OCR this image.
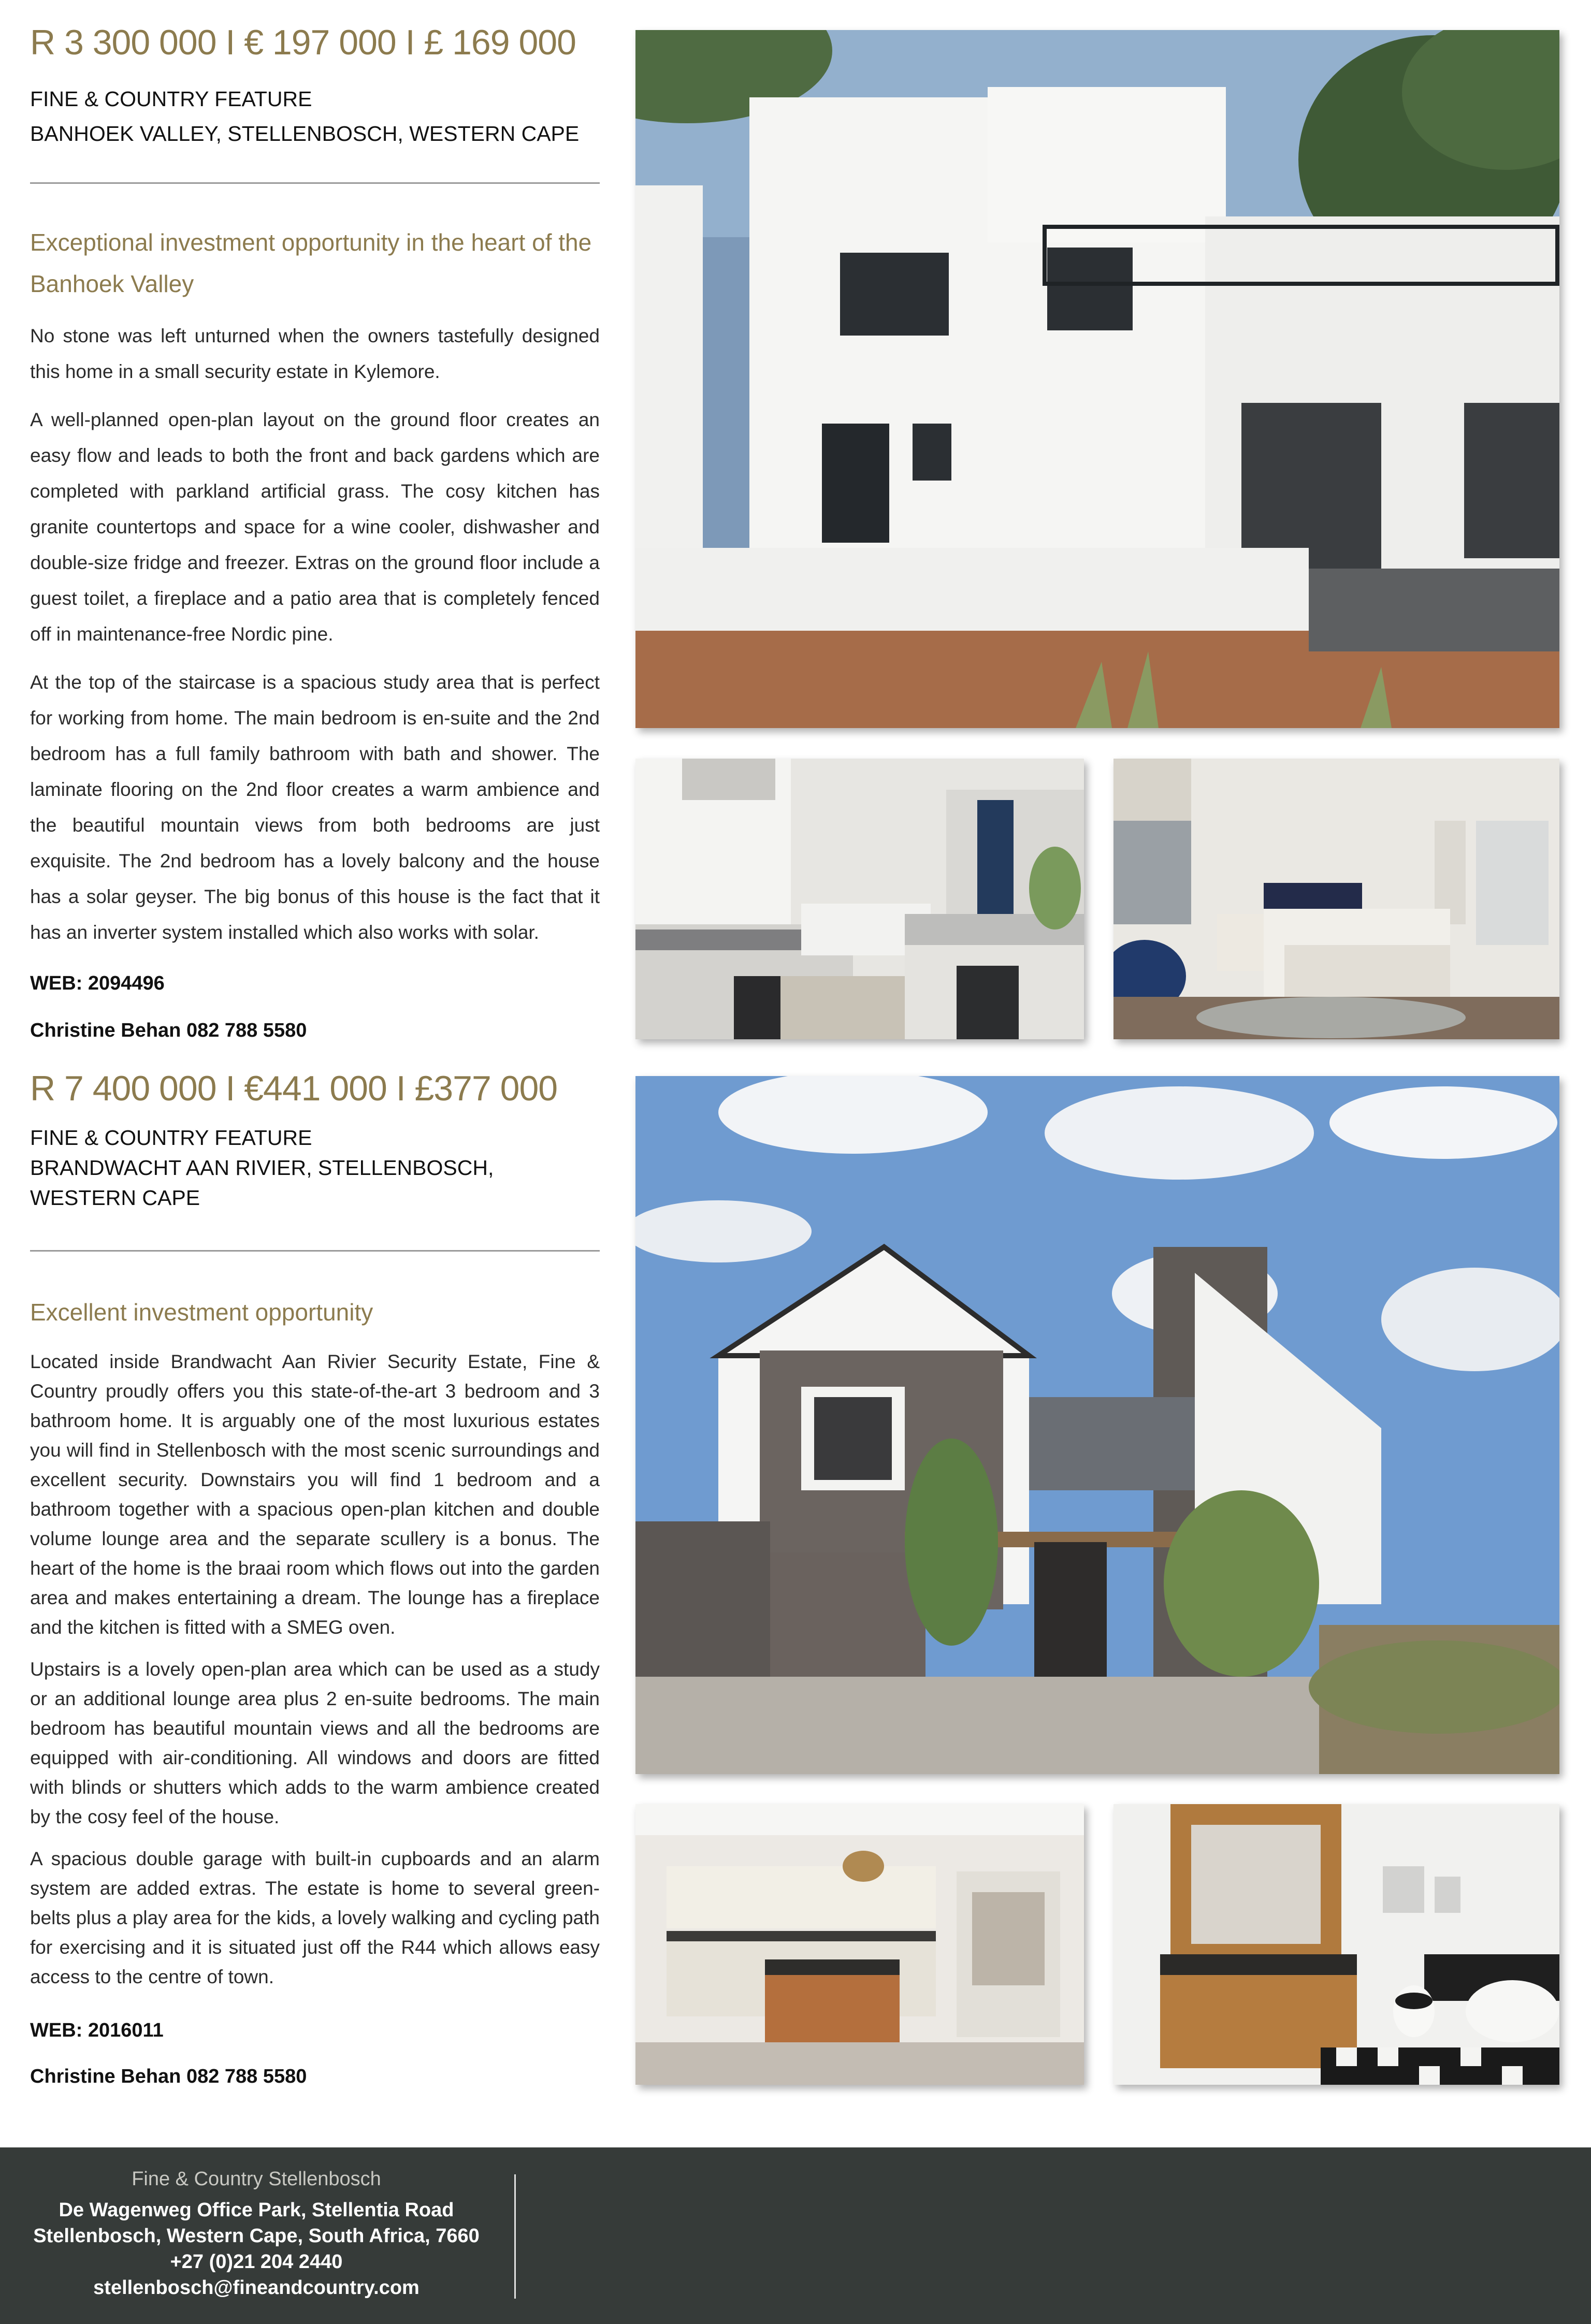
R 3 300 000 I € 197 000 I £ 169 000
FINE & COUNTRY FEATURE
BANHOEK VALLEY, STELLENBOSCH, WESTERN CAPE
Exceptional investment opportunity in the heart of the Banhoek Valley

No stone was left unturned when the owners tastefully designed this home in a small security estate in Kylemore.

A well-planned open-plan layout on the ground floor creates an easy flow and leads to both the front and back gardens which are completed with parkland artificial grass. The cosy kitchen has granite countertops and space for a wine cooler, dishwasher and double-size fridge and freezer. Extras on the ground floor include a guest toilet, a fireplace and a patio area that is completely fenced off in maintenance-free Nordic pine.

At the top of the staircase is a spacious study area that is perfect for working from home. The main bedroom is en-suite and the 2nd bedroom has a full family bathroom with bath and shower. The laminate flooring on the 2nd floor creates a warm ambience and the beautiful mountain views from both bedrooms are just exquisite. The 2nd bedroom has a lovely balcony and the house has a solar geyser. The big bonus of this house is the fact that it has an inverter system installed which also works with solar.

WEB: 2094496
Christine Behan 082 788 5580
R 7 400 000 I €441 000 I £377 000
FINE & COUNTRY FEATURE
BRANDWACHT AAN RIVIER, STELLENBOSCH,
WESTERN CAPE
Excellent investment opportunity

Located inside Brandwacht Aan Rivier Security Estate, Fine & Country proudly offers you this state-of-the-art 3 bedroom and 3 bathroom home. It is arguably one of the most luxurious estates you will find in Stellenbosch with the most scenic surroundings and excellent security. Downstairs you will find 1 bedroom and a bathroom together with a spacious open-plan kitchen and double volume lounge area and the separate scullery is a bonus. The heart of the home is the braai room which flows out into the garden area and makes entertaining a dream. The lounge has a fireplace and the kitchen is fitted with a SMEG oven.

Upstairs is a lovely open-plan area which can be used as a study or an additional lounge area plus 2 en-suite bedrooms. The main bedroom has beautiful mountain views and all the bedrooms are equipped with air-conditioning. All windows and doors are fitted with blinds or shutters which adds to the warm ambience created by the cosy feel of the house.

A spacious double garage with built-in cupboards and an alarm system are added extras. The estate is home to several green-belts plus a play area for the kids, a lovely walking and cycling path for exercising and it is situated just off the R44 which allows easy access to the centre of town.

WEB: 2016011
Christine Behan 082 788 5580
Fine & Country Stellenbosch
De Wagenweg Office Park, Stellentia Road
Stellenbosch, Western Cape, South Africa, 7660
+27 (0)21 204 2440
stellenbosch@fineandcountry.com
